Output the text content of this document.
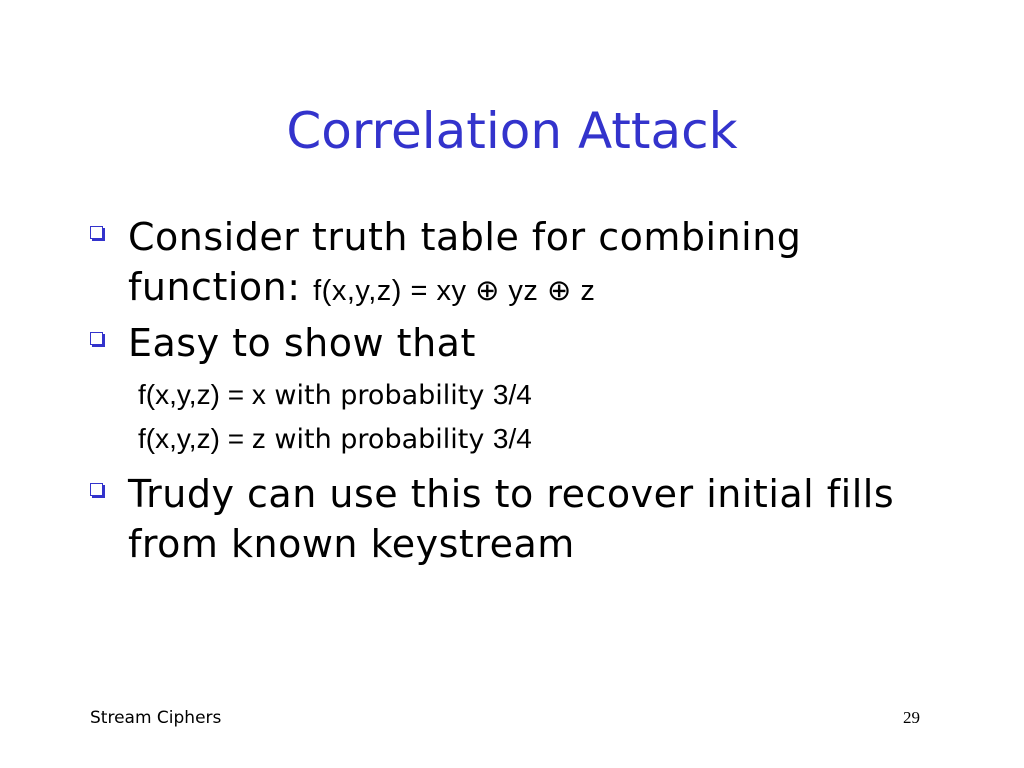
Correlation Attack
Consider truth table for combining function: f(x,y,z) = xy ⊕ yz ⊕ z
Easy to show that
f(x,y,z) = x with probability 3/4
f(x,y,z) = z with probability 3/4
Trudy can use this to recover initial fills from known keystream
Stream Ciphers	29
